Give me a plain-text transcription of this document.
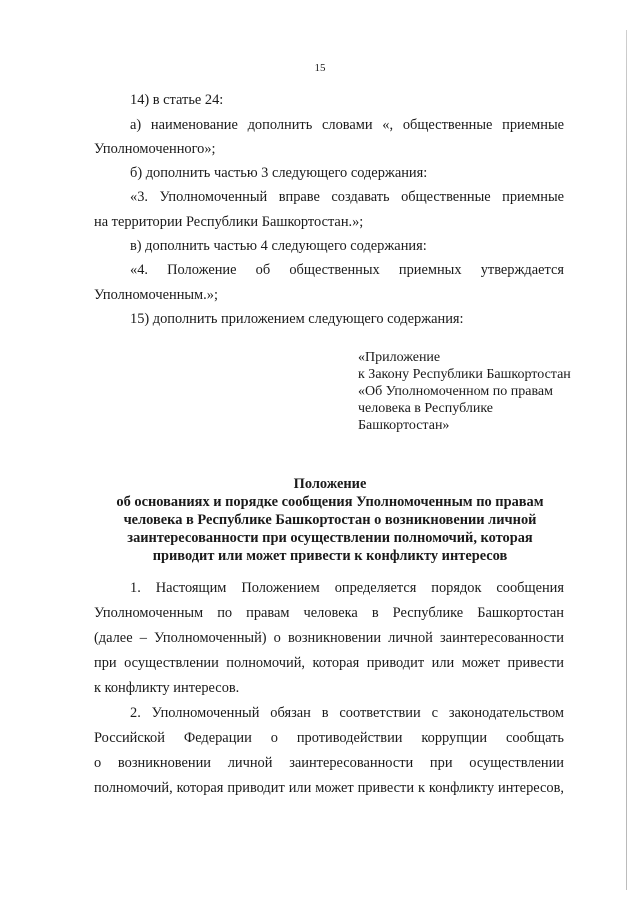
15
14) в статье 24:
а) наименование дополнить словами «, общественные приемные
Уполномоченного»;
б) дополнить частью 3 следующего содержания:
«3. Уполномоченный вправе создавать общественные приемные
на территории Республики Башкортостан.»;
в) дополнить частью 4 следующего содержания:
«4. Положение об общественных приемных утверждается
Уполномоченным.»;
15) дополнить приложением следующего содержания:
«Приложение
к Закону Республики Башкортостан
«Об Уполномоченном по правам
человека в Республике
Башкортостан»
Положение
об основаниях и порядке сообщения Уполномоченным по правам
человека в Республике Башкортостан о возникновении личной
заинтересованности при осуществлении полномочий, которая
приводит или может привести к конфликту интересов
1. Настоящим Положением определяется порядок сообщения
Уполномоченным по правам человека в Республике Башкортостан
(далее – Уполномоченный) о возникновении личной заинтересованности
при осуществлении полномочий, которая приводит или может привести
к конфликту интересов.
2. Уполномоченный обязан в соответствии с законодательством
Российской Федерации о противодействии коррупции сообщать
о возникновении личной заинтересованности при осуществлении
полномочий, которая приводит или может привести к конфликту интересов,
